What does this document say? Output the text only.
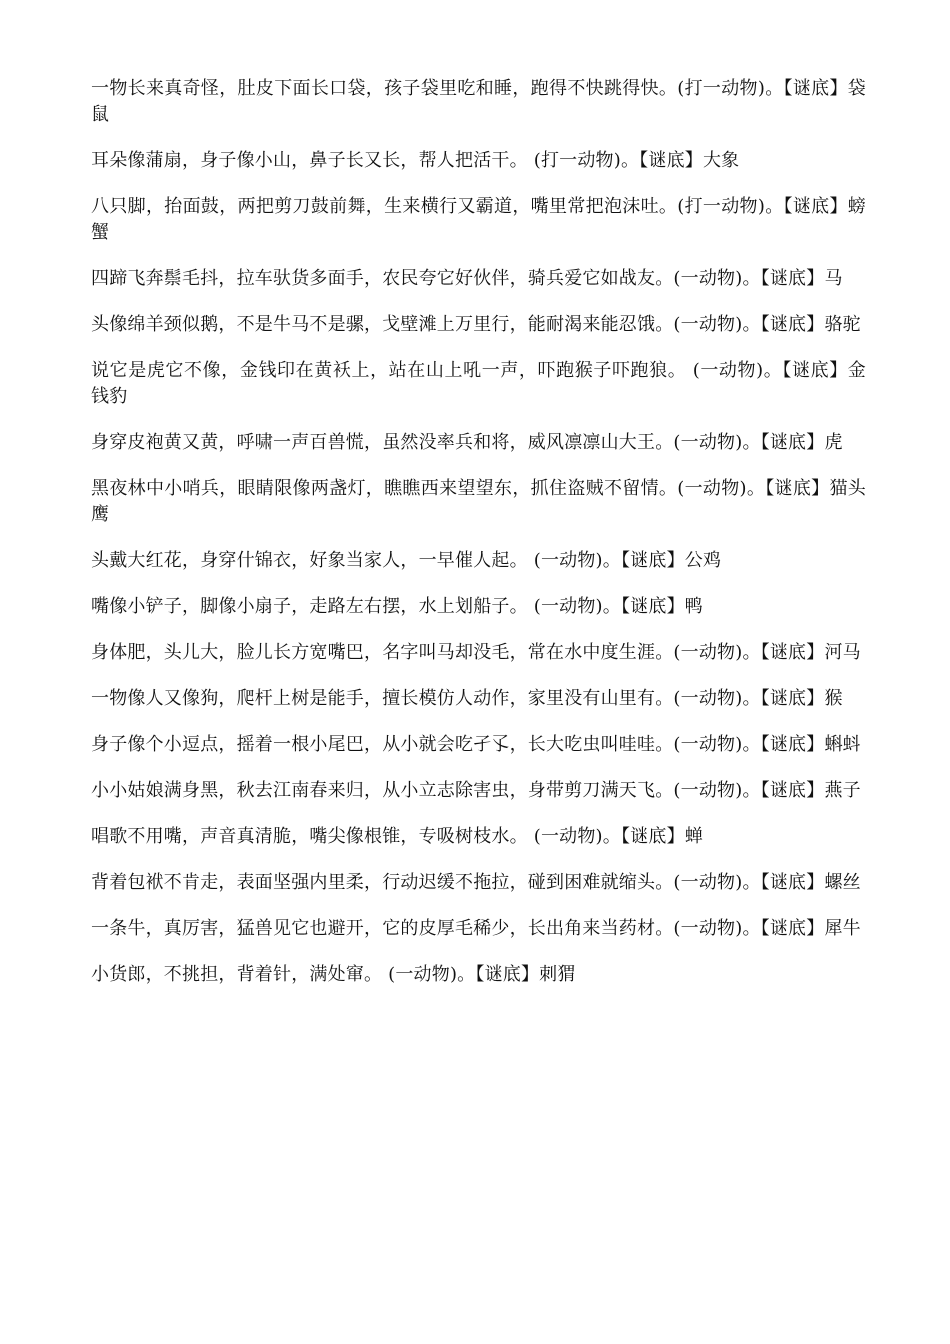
一物长来真奇怪，肚皮下面长口袋，孩子袋里吃和睡，跑得不快跳得快。(打一动物)。【谜底】袋鼠

耳朵像蒲扇，身子像小山，鼻子长又长，帮人把活干。 (打一动物)。【谜底】大象

八只脚，抬面鼓，两把剪刀鼓前舞，生来横行又霸道，嘴里常把泡沫吐。(打一动物)。【谜底】螃蟹

四蹄飞奔鬃毛抖，拉车驮货多面手，农民夸它好伙伴，骑兵爱它如战友。(一动物)。【谜底】马

头像绵羊颈似鹅，不是牛马不是骡，戈壁滩上万里行，能耐渴来能忍饿。(一动物)。【谜底】骆驼

说它是虎它不像，金钱印在黄袄上，站在山上吼一声，吓跑猴子吓跑狼。 (一动物)。【谜底】金钱豹

身穿皮袍黄又黄，呼啸一声百兽慌，虽然没率兵和将，威风凛凛山大王。(一动物)。【谜底】虎

黑夜林中小哨兵，眼睛限像两盏灯，瞧瞧西来望望东，抓住盗贼不留情。(一动物)。【谜底】猫头鹰

头戴大红花，身穿什锦衣，好象当家人，一早催人起。 (一动物)。【谜底】公鸡

嘴像小铲子，脚像小扇子，走路左右摆，水上划船子。 (一动物)。【谜底】鸭

身体肥，头儿大，脸儿长方宽嘴巴，名字叫马却没毛，常在水中度生涯。(一动物)。【谜底】河马

一物像人又像狗，爬杆上树是能手，擅长模仿人动作，家里没有山里有。(一动物)。【谜底】猴

身子像个小逗点，摇着一根小尾巴，从小就会吃孑孓，长大吃虫叫哇哇。(一动物)。【谜底】蝌蚪

小小姑娘满身黑，秋去江南春来归，从小立志除害虫，身带剪刀满天飞。(一动物)。【谜底】燕子

唱歌不用嘴，声音真清脆，嘴尖像根锥，专吸树枝水。 (一动物)。【谜底】蝉

背着包袱不肯走，表面坚强内里柔，行动迟缓不拖拉，碰到困难就缩头。(一动物)。【谜底】螺丝

一条牛，真厉害，猛兽见它也避开，它的皮厚毛稀少，长出角来当药材。(一动物)。【谜底】犀牛

小货郎，不挑担，背着针，满处窜。 (一动物)。【谜底】刺猬
